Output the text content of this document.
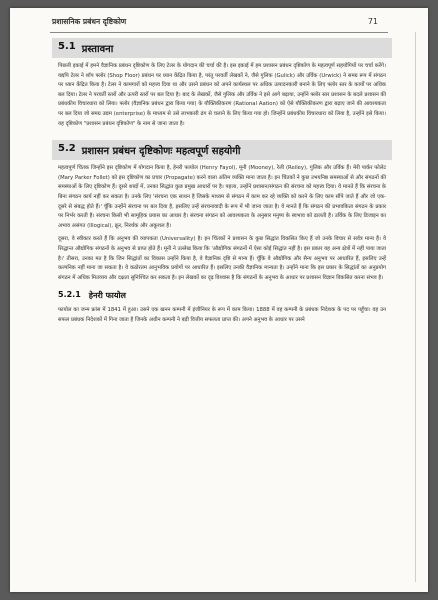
प्रशासनिक प्रबंधन दृष्टिकोण	71
5.1 प्रस्तावना

पिछली इकाई में हमने वैज्ञानिक प्रबंधन दृष्टिकोण के लिए टेलर के योगदान की चर्चा की है। इस इकाई में हम प्रशासन प्रबंधन दृष्टिकोण के महत्वपूर्ण सहयोगियों पर चर्चा करेंगे। यद्यपि टेलर ने शॉप फ्लोर (Shop Floor) प्रबंधन पर ध्यान केंद्रित किया है, परंतु परवर्ती लेखकों ने, जैसे गुलिक (Gulick) और उर्विक (Urwick) ने समग्र रूप में संगठन पर ध्यान केंद्रित किया है। टेलर ने कामगारों को महत्त्व दिया था और उसने प्रबंधन को अपने कार्यस्थल पर अधिक उत्पादनकारी बनाने के लिए फ्लोर स्तर के कार्यों पर अधिक बल दिया। टेलर ने परवर्ती स्तरों और ऊपरी स्तरों पर बल दिया है। बाद के लेखकों, जैसे गुलिक और उर्विक ने इसे आगे बढ़ाया, उन्होंने फ्लोर स्तर प्रशासन के बदले प्रशासन की प्रबंधकीय विचारधारा को लिया। फ्लोर (वैज्ञानिक प्रबंधन द्वारा किया गया) के यौक्तिकीकरण (Rational Aation) को ऐसे यौक्तिकीकरण द्वारा बढ़ाए जाने की आवश्यकता पर बल दिया जो समग्र उद्यम (enterprise) के माध्यम से उसे लाभकारी ढंग से चलाने के लिए किया गया हो। जिन्होंने प्रबंधकीय विचारधारा को लिया है, उन्होंने इसे किया। यह दृष्टिकोण "प्रशासन प्रबंधन दृष्टिकोण" के नाम से जाना जाता है।

5.2 प्रशासन प्रबंधन दृष्टिकोणः महत्वपूर्ण सहयोगी

महत्वपूर्ण चिंतक जिन्होंने इस दृष्टिकोण में योगदान किया है, हेनरी फायोल (Henry Fayol), मूनी (Mooney), रेली (Reiley), गुलिक और उर्विक हैं। मेरी पार्कर फोलेट (Mary Parker Follet) को इस दृष्टिकोण का प्रचार (Propagate) करने वाला अंतिम व्यक्ति माना जाता है। इन चिंतकों ने कुछ उभयनिष्ठ समस्याओं से और संगठनों की समस्याओं के लिए दृष्टिकोण हैं। दूसरे शब्दों में, उनका सिद्धांत कुछ प्रमुख आधारों पर है। पहला, उन्होंने प्रशासन/संगठन की संरचना को महत्त्व दिया। वे मानते हैं कि संरचना के बिना संगठन कार्य नहीं कर सकता है। उनके लिए 'संरचना एक साधन है जिसके माध्यम से संगठन में काम कर रहे व्यक्ति को करने के लिए काम सौंपे जाते हैं और जो एक-दूसरे से संबद्ध होते हैं।' चूँकि उन्होंने संरचना पर बल दिया है, इसलिए उन्हें संरचनावादी के रूप में भी जाना जाता है। वे मानते हैं कि संगठन की प्रभावकिता संगठन के प्रकार पर निर्भर करती है। संरचना किसी भी सामूहिक प्रयास का आधार है। संरचना संगठन को आवश्यकता के अनुसार मनुष्य के स्वभाव को ढालती है। उर्विक के लिए डिजाइन का अभाव असंगत (Illogical), क्रूर, निरर्थक और अकुशल है।

दूसरा, वे स्वीकार करते हैं कि अनुभव की व्यापकता (Universality) है। इन चिंतकों ने प्रशासन के कुछ सिद्धांत विकसित किए हैं जो उनके विचार से सर्वत्र मान्य हैं। वे सिद्धान्त औद्योगिक संगठनों के अनुभव से प्राप्त होते हैं। मूनी ने उल्लेख किया कि 'औद्योगिक संगठनों में ऐसा कोई सिद्धांत नहीं है। इस प्रकार यह अन्य क्षेत्रों में नहीं पाया जाता है।' तीसरा, उनका मत है कि जिन सिद्धांतों का विकास उन्होंने किया है, वे वैज्ञानिक दृष्टि से मान्य हैं। चूँकि वे औद्योगिक और सैन्य अनुभव पर आधारित हैं, इसलिए उन्हें कल्पनिक नहीं माना जा सकता है। वे कठोरतम आनुभविक प्रयोगों पर आधारित हैं। इसलिए उनकी वैज्ञानिक मान्यता है। उन्होंने माना कि इस प्रकार के सिद्धांतों का अनुप्रयोग संगठन में अधिक मितव्यय और दक्षता सुनिश्चित कर सकता है। इन लेखकों का दृढ़ विश्वास है कि संगठनों के अनुभव के आधार पर प्रशासन विज्ञान विकसित करना संभव है।

5.2.1 हेनरी फायोल

फायोल का जन्म फ्रांस में 1841 में हुआ। उसने एक खनन कम्पनी में इंजीनियर के रूप में काम किया। 1888 में वह कम्पनी के प्रबंधक निदेशक के पद पर पहुँचा। वह उन सफल प्रबंधक निदेशकों में गिना जाता है जिनके अधीन कम्पनी ने बड़ी वित्तीय सफलता प्राप्त की। अपने अनुभव के आधार पर उसने
